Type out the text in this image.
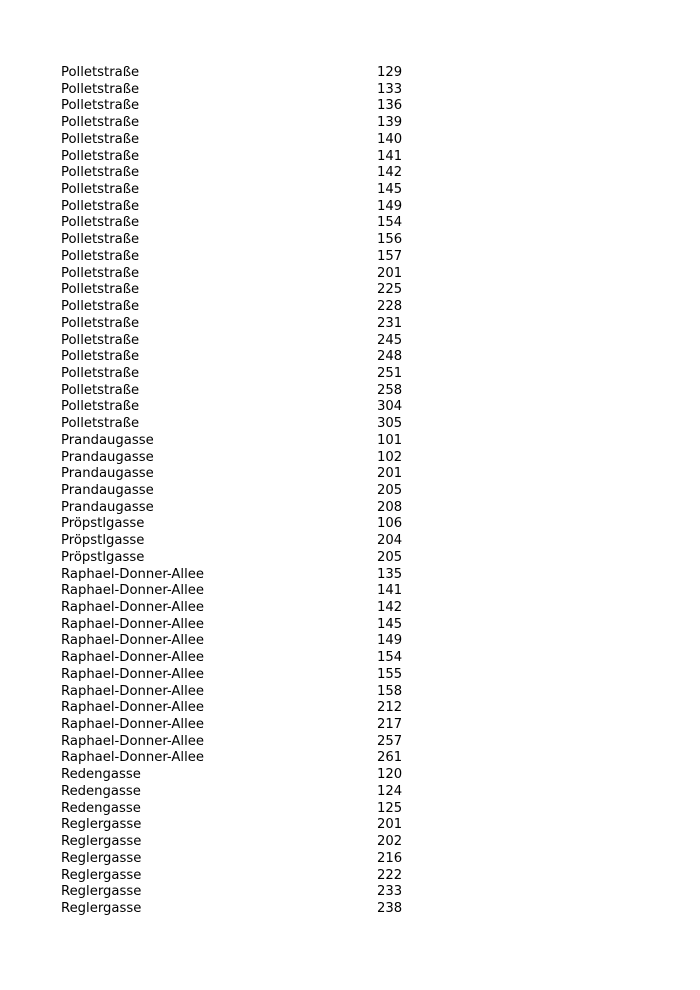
Polletstraße	129
Polletstraße	133
Polletstraße	136
Polletstraße	139
Polletstraße	140
Polletstraße	141
Polletstraße	142
Polletstraße	145
Polletstraße	149
Polletstraße	154
Polletstraße	156
Polletstraße	157
Polletstraße	201
Polletstraße	225
Polletstraße	228
Polletstraße	231
Polletstraße	245
Polletstraße	248
Polletstraße	251
Polletstraße	258
Polletstraße	304
Polletstraße	305
Prandaugasse	101
Prandaugasse	102
Prandaugasse	201
Prandaugasse	205
Prandaugasse	208
Pröpstlgasse	106
Pröpstlgasse	204
Pröpstlgasse	205
Raphael-Donner-Allee	135
Raphael-Donner-Allee	141
Raphael-Donner-Allee	142
Raphael-Donner-Allee	145
Raphael-Donner-Allee	149
Raphael-Donner-Allee	154
Raphael-Donner-Allee	155
Raphael-Donner-Allee	158
Raphael-Donner-Allee	212
Raphael-Donner-Allee	217
Raphael-Donner-Allee	257
Raphael-Donner-Allee	261
Redengasse	120
Redengasse	124
Redengasse	125
Reglergasse	201
Reglergasse	202
Reglergasse	216
Reglergasse	222
Reglergasse	233
Reglergasse	238
